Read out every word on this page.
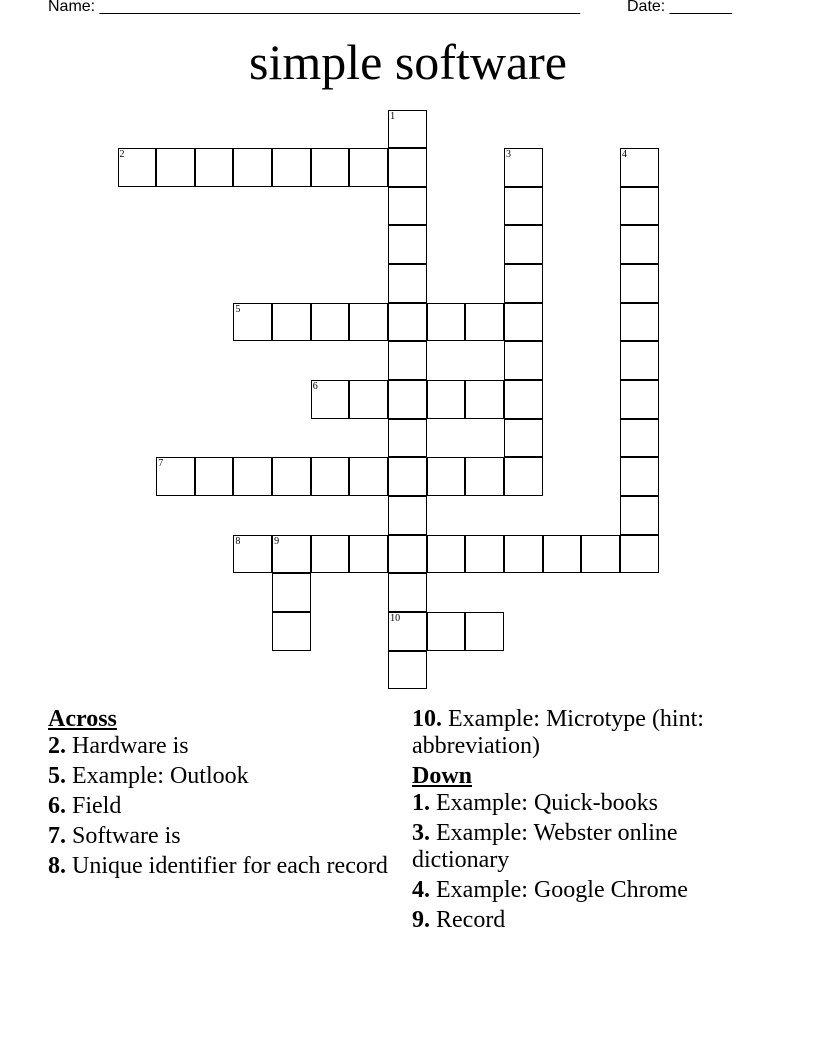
Name: ______________________________________________________	Date: _______
simple software
1
10
2	3	4
5
6
7
8	9
Across
2. Hardware is
5. Example: Outlook
6. Field
7. Software is
8. Unique identifier for each record
10. Example: Microtype (hint: abbreviation)
Down
1. Example: Quick-books
3. Example: Webster online dictionary
4. Example: Google Chrome
9. Record
